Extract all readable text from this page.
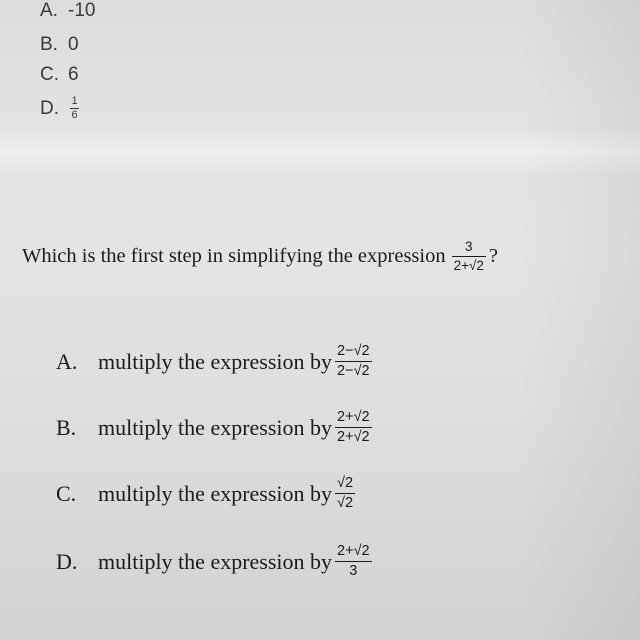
A. -10
B. 0
C. 6
D.	$\frac{1}{6}$
Which is the first step in simplifying the expression $\frac{3}{2+√2}$ ?
A. multiply the expression by $\frac{2-√2}{2-√2}$
B. multiply the expression by $\frac{2+√2}{2+√2}$
C. multiply the expression by $\frac{√2}{√2}$
D. multiply the expression by $\frac{2+√2}{3}$
